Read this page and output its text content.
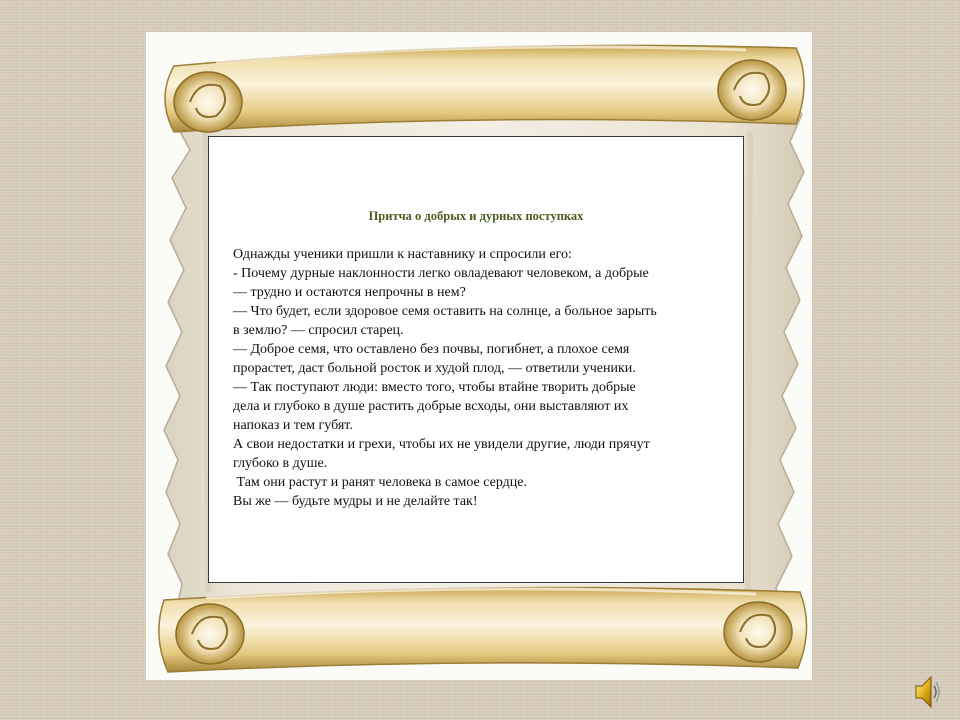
Притча о добрых и дурных поступках
Однажды ученики пришли к наставнику и спросили его:
- Почему дурные наклонности легко овладевают человеком, а добрые
— трудно и остаются непрочны в нем?
— Что будет, если здоровое семя оставить на солнце, а больное зарыть
в землю? — спросил старец.
— Доброе семя, что оставлено без почвы, погибнет, а плохое семя
прорастет, даст больной росток и худой плод, — ответили ученики.
— Так поступают люди: вместо того, чтобы втайне творить добрые
дела и глубоко в душе растить добрые всходы, они выставляют их
напоказ и тем губят.
А свои недостатки и грехи, чтобы их не увидели другие, люди прячут
глубоко в душе.
Там они растут и ранят человека в самое сердце.
Вы же — будьте мудры и не делайте так!
